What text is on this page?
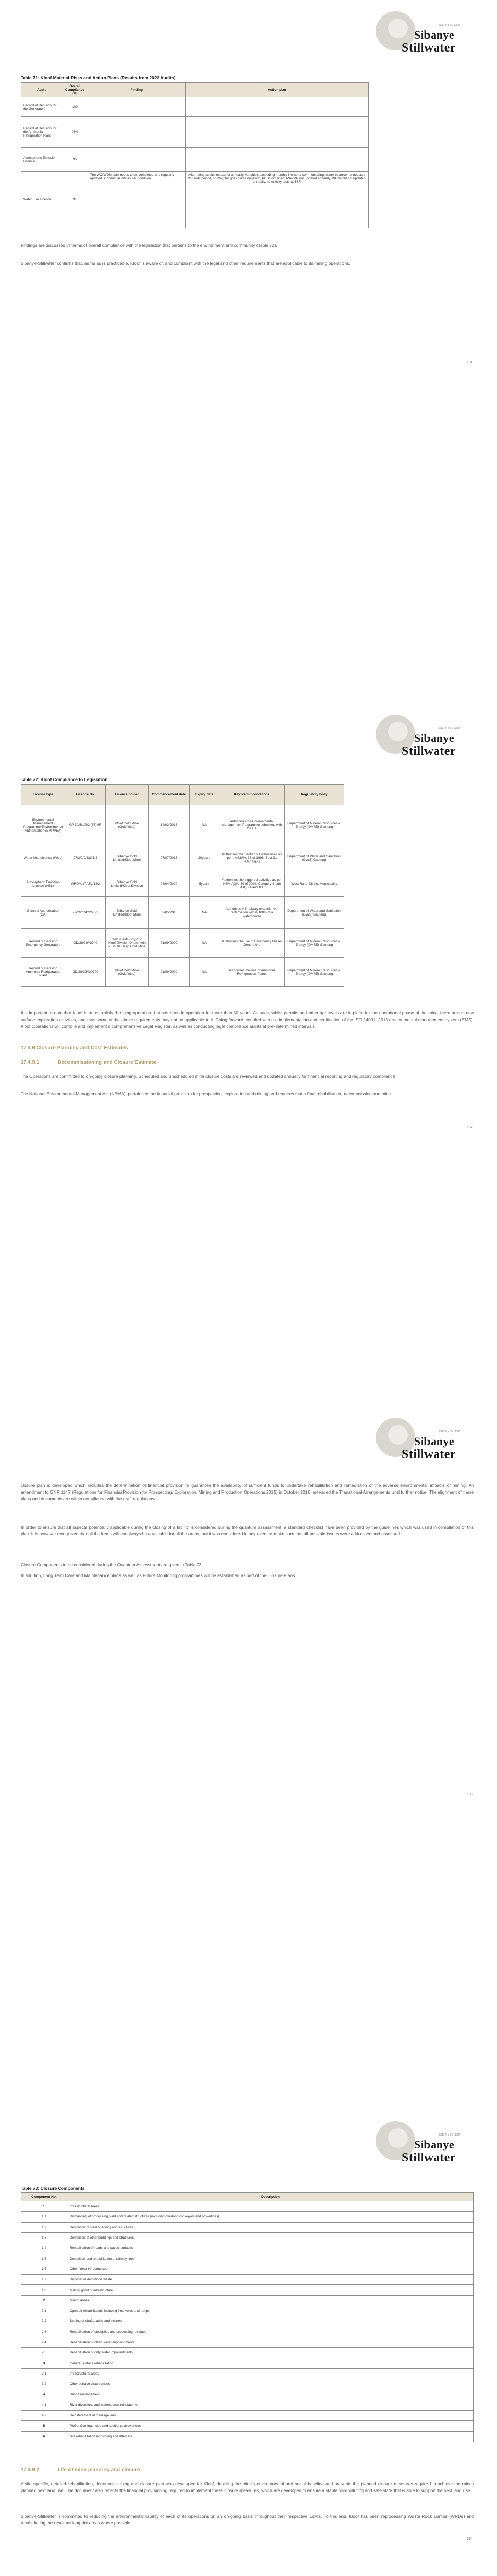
JSE NYSE SSW
Sibanye
Stillwater
Table 71: Kloof Material Risks and Action Plans (Results from 2023 Audits)
Audit	Overall Compliance (%)	Finding	Action plan
Record of Decision for the Generators	100		
Record of Decision for the Ammonia Refrigeration Plant	96%		
Atmospheric Emission Licence	95		
Water Use Licence	91	The WC/WDM plan needs to be completed and regularly updated. Conduct audits as per condition	Alternating audits instead of annually, variables exceeding monthly limits, no soil monitoring, water balance not updated for audit period, no IWQ for golf course irrigation, PCDs not lined, IWWMP not updated annually, WC/WDM not updated annually, no toxicity tests at TSF.

Findings are discussed in terms of overall compliance with the legislation that pertains to the environment and community (Table 72).

Sibanye-Stillwater confirms that, as far as is practicable, Kloof is aware of, and compliant with the legal and other requirements that are applicable to its mining operations.

181
JSE NYSE SSW
Sibanye
Stillwater
Table 72: Kloof Compliance to Legislation
License type	Licence No.	Licence holder	Commencement date	Expiry date	Key Permit conditions	Regulatory body
Environmental Management Programme/Environmental Authorisation (EMPr/EA)	GP 30/5/1/2/2 (65)MR	Kloof Gold Mine (Goldfields)	14/02/2016	NA	Authorises the Environmental Management Programme submitted with the EA	Department of Mineral Resources & Energy (DMRE) Gauteng
Water Use Licence (WUL)	27/2/2/C422/1/4	Sibanye Gold Limited/Kloof Mine	07/07/2016	20years	Authorises the Section 21 water uses as per the NWA, 36 of 1998, Sect 21 a,b,c,f,g,i,j	Department of Water and Sanitation (DWS) Gauteng
Atmospheric Emission Licence (AEL)	WRDM/17AEL/14/2	Sibanye Gold Limited/Kloof Division	08/04/2020	5years	Authorises the triggered activities as per NEM:AQA, 39 of 2004: Category 4 sub 4.8, 5.1 and 8.1	West Rand District Municipality
General Authorisation (GA)	27/2/2/C422/20/1	Sibanye Gold Limited/Kloof Mine	02/05/2018	NA	Authorises KB railway embankment reclamation within 100m of a watercourse	Department of Water and Sanitation (DWS) Gauteng
Record of Decision Emergency Generators	GD/28/29/NO40	Gold Fields (Pty)/Ltd Kloof Division Driefontein & South Deep Gold Mine	01/09/2009	NA	Authorises the use of Emergency Diesel Generators	Department of Mineral Resources & Energy (DMRE) Gauteng
Record of Decision Ammonia Refrigeration Plant	GD/28/29/NO700	Kloof Gold Mine (Goldfields)	01/09/2009	NA	Authorises the use of Ammonia Refrigeration Plants	Department of Mineral Resources & Energy (DMRE) Gauteng

It is important to note that Kloof is an established mining operation that has been in operation for more than 50 years. As such, whilst permits and other approvals are in place for the operational phase of the mine, there are no new surface exploration activities, and thus some of the above requirements may not be applicable to it. Going forward, coupled with the implementation and certification of the ISO 14001: 2015 environmental management system (EMS), Kloof Operations will compile and implement a comprehensive Legal Register, as well as conducting legal compliance audits at pre-determined intervals.

17.4.9 Closure Planning and Cost Estimates
17.4.9.1	Decommissioning and Closure Estimate

The Operations are committed to on-going closure planning. Scheduled and unscheduled mine closure costs are reviewed and updated annually for financial reporting and regulatory compliance.

The National Environmental Management Act (NEMA), pertains to the financial provision for prospecting, exploration and mining and requires that a final rehabilitation, decommission and mine

182
JSE NYSE SSW
Sibanye
Stillwater

closure plan is developed which includes the determination of financial provision to guarantee the availability of sufficient funds to undertake rehabilitation and remediation of the adverse environmental impacts of mining. An amendment to GNR 1147 (Regulations for Financial Provision for Prospecting, Exploration, Mining and Production Operations,2015) in October 2016, extended the Transitional Arrangements until further notice. The alignment of these plans and documents are within compliance with the draft regulations.

In order to ensure that all aspects potentially applicable during the closing of a facility is considered during the quantum assessment, a standard checklist have been provided by the guidelines which was used in compilation of this plan. It is however recognized that all the items will not always be applicable for all the areas, but it was considered in any event to make sure that all possible issues were addressed and assessed.

Closure Components to be considered during the Quantum Assessment are given in Table 73.

In addition, Long Term Care and Maintenance plans as well as Future Monitoring programmes will be established as part of the Closure Plans.

183
JSE NYSE SSW
Sibanye
Stillwater
Table 73: Closure Components
Component No.	Description
1	Infrastructural Areas
1.1	Dismantling of processing plant and related structures (including overland conveyors and powerlines)
1.2	Demolition of steel buildings and structures
1.3	Demolition of other buildings and structures
1.4	Rehabilitation of roads and paved surfaces
1.5	Demolition and rehabilitation of railway lines
1.6	Other linear infrastructure
1.7	Disposal of demolition waste
1.8	Making good of infrastructure
2	Mining Areas
2.1	Open pit rehabilitation, including final voids and ramps
2.2	Sealing of shafts, adits and inclines
2.3	Rehabilitation of stockpiles and processing residues
2.4	Rehabilitation of clean water impoundments
2.5	Rehabilitation of dirty water impoundments
3	General surface rehabilitation
3.1	Infrastructural areas
3.2	Other surface disturbances
4	Runoff management
4.1	River diversions and watercourse reinstatement
4.2	Reinstatement of drainage lines
5	P&Gs, Contingencies and additional allowances
6	Site rehabilitation monitoring and aftercare
17.4.9.2	Life of mine planning and closure

A site specific, detailed rehabilitation, decommissioning and closure plan was developed for Kloof, detailing the mine's environmental and social baseline and presents the planned closure measures required to achieve the mines planned next land use. The document also reflects the financial provisioning required to implement these closure measures, which are developed to ensure a stable non-polluting and safe state that is able to support the next land use.

Sibanye-Stillwater is committed to reducing the environmental liability of each of its operations on an on-going basis throughout their respective LoM's. To this end, Kloof has been reprocessing Waste Rock Dumps (WRDs) and rehabilitating the resultant footprint areas where possible.

184
